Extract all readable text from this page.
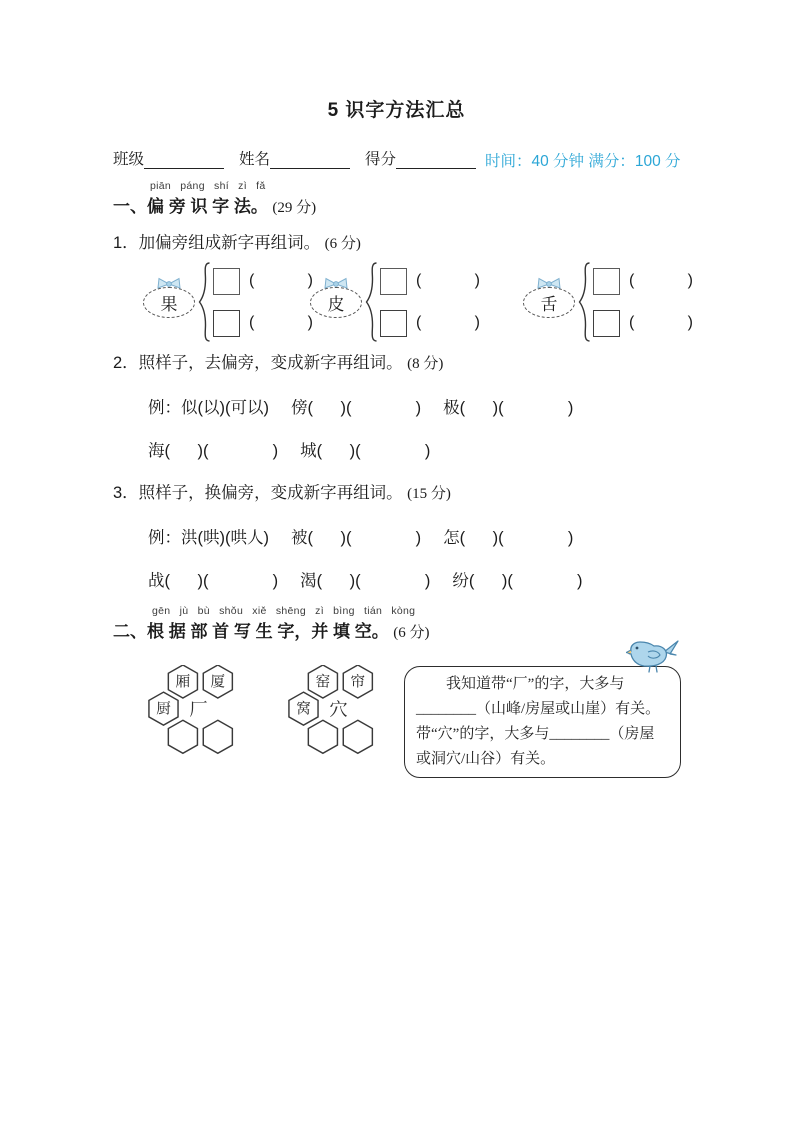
5 识字方法汇总
班级	姓名	得分	时间：40 分钟 满分：100 分
piān páng shí zì fǎ
一、偏 旁 识 字 法。 (29 分)
1．加偏旁组成新字再组词。 (6 分)
果
(            )
(            )
皮
(            )
(            )
舌
(            )
(            )
2．照样子，去偏旁，变成新字再组词。 (8 分)
例：似(以)(可以) 傍(      )(              ) 极(      )(              )
海(      )(              ) 城(      )(              )
3．照样子，换偏旁，变成新字再组词。 (15 分)
例：洪(哄)(哄人) 被(      )(              ) 怎(      )(              )
战(      )(              ) 渴(      )(              ) 纷(      )(              )
gēn jù bù shǒu xiě shēng zì bìng tián kòng
二、根 据 部 首 写 生 字，并 填 空。 (6 分)
厢 厦
厨 厂
窑 帘
窝 穴
我知道带“厂”的字，大多与
________（山峰/房屋或山崖）有关。
带“穴”的字，大多与________（房屋
或洞穴/山谷）有关。
